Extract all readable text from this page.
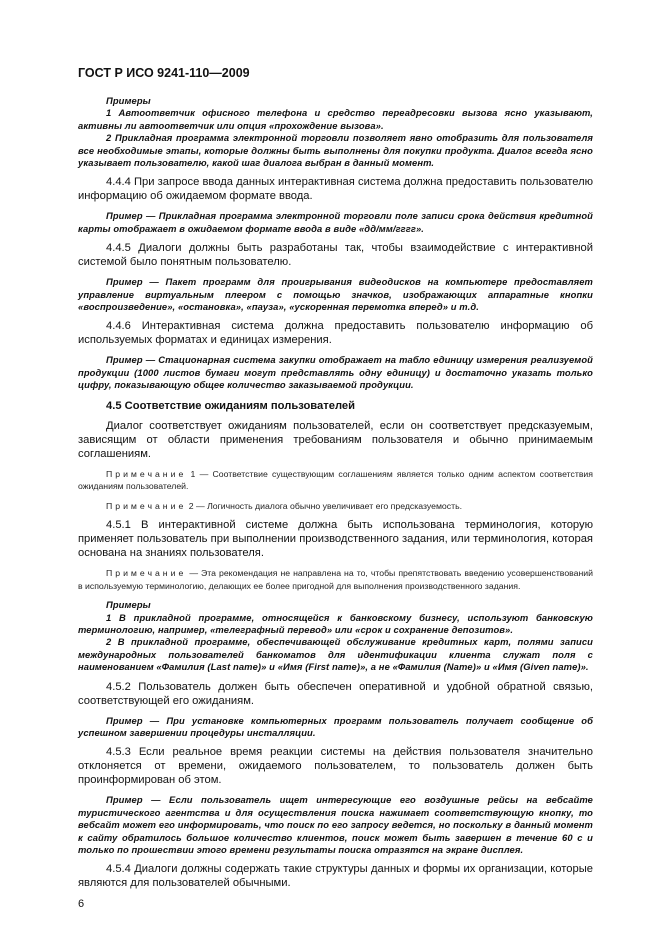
ГОСТ Р ИСО 9241-110—2009

Примеры

1 Автоответчик офисного телефона и средство переадресовки вызова ясно указывают, активны ли автоответчик или опция «прохождение вызова».

2 Прикладная программа электронной торговли позволяет явно отобразить для пользователя все необходимые этапы, которые должны быть выполнены для покупки продукта. Диалог всегда ясно указывает пользователю, какой шаг диалога выбран в данный момент.

4.4.4 При запросе ввода данных интерактивная система должна предоставить пользователю информацию об ожидаемом формате ввода.

Пример — Прикладная программа электронной торговли поле записи срока действия кредитной карты отображает в ожидаемом формате ввода в виде «дд/мм/гггг».

4.4.5 Диалоги должны быть разработаны так, чтобы взаимодействие с интерактивной системой было понятным пользователю.

Пример — Пакет программ для проигрывания видеодисков на компьютере предоставляет управление виртуальным плеером с помощью значков, изображающих аппаратные кнопки «воспроизведение», «остановка», «пауза», «ускоренная перемотка вперед» и т.д.

4.4.6 Интерактивная система должна предоставить пользователю информацию об используемых форматах и единицах измерения.

Пример — Стационарная система закупки отображает на табло единицу измерения реализуемой продукции (1000 листов бумаги могут представлять одну единицу) и достаточно указать только цифру, показывающую общее количество заказываемой продукции.

4.5 Соответствие ожиданиям пользователей

Диалог соответствует ожиданиям пользователей, если он соответствует предсказуемым, зависящим от области применения требованиям пользователя и обычно принимаемым соглашениям.

Примечание 1 — Соответствие существующим соглашениям является только одним аспектом соответствия ожиданиям пользователей.

Примечание 2 — Логичность диалога обычно увеличивает его предсказуемость.

4.5.1 В интерактивной системе должна быть использована терминология, которую применяет пользователь при выполнении производственного задания, или терминология, которая основана на знаниях пользователя.

Примечание — Эта рекомендация не направлена на то, чтобы препятствовать введению усовершенствований в используемую терминологию, делающих ее более пригодной для выполнения производственного задания.

Примеры

1 В прикладной программе, относящейся к банковскому бизнесу, используют банковскую терминологию, например, «телеграфный перевод» или «срок и сохранение депозитов».

2 В прикладной программе, обеспечивающей обслуживание кредитных карт, полями записи международных пользователей банкоматов для идентификации клиента служат поля с наименованием «Фамилия (Last name)» и «Имя (First name)», а не «Фамилия (Name)» и «Имя (Given name)».

4.5.2 Пользователь должен быть обеспечен оперативной и удобной обратной связью, соответствующей его ожиданиям.

Пример — При установке компьютерных программ пользователь получает сообщение об успешном завершении процедуры инсталляции.

4.5.3 Если реальное время реакции системы на действия пользователя значительно отклоняется от времени, ожидаемого пользователем, то пользователь должен быть проинформирован об этом.

Пример — Если пользователь ищет интересующие его воздушные рейсы на вебсайте туристического агентства и для осуществления поиска нажимает соответствующую кнопку, то вебсайт может его информировать, что поиск по его запросу ведется, но поскольку в данный момент к сайту обратилось большое количество клиентов, поиск может быть завершен в течение 60 с и только по прошествии этого времени результаты поиска отразятся на экране дисплея.

4.5.4 Диалоги должны содержать такие структуры данных и формы их организации, которые являются для пользователей обычными.

6
